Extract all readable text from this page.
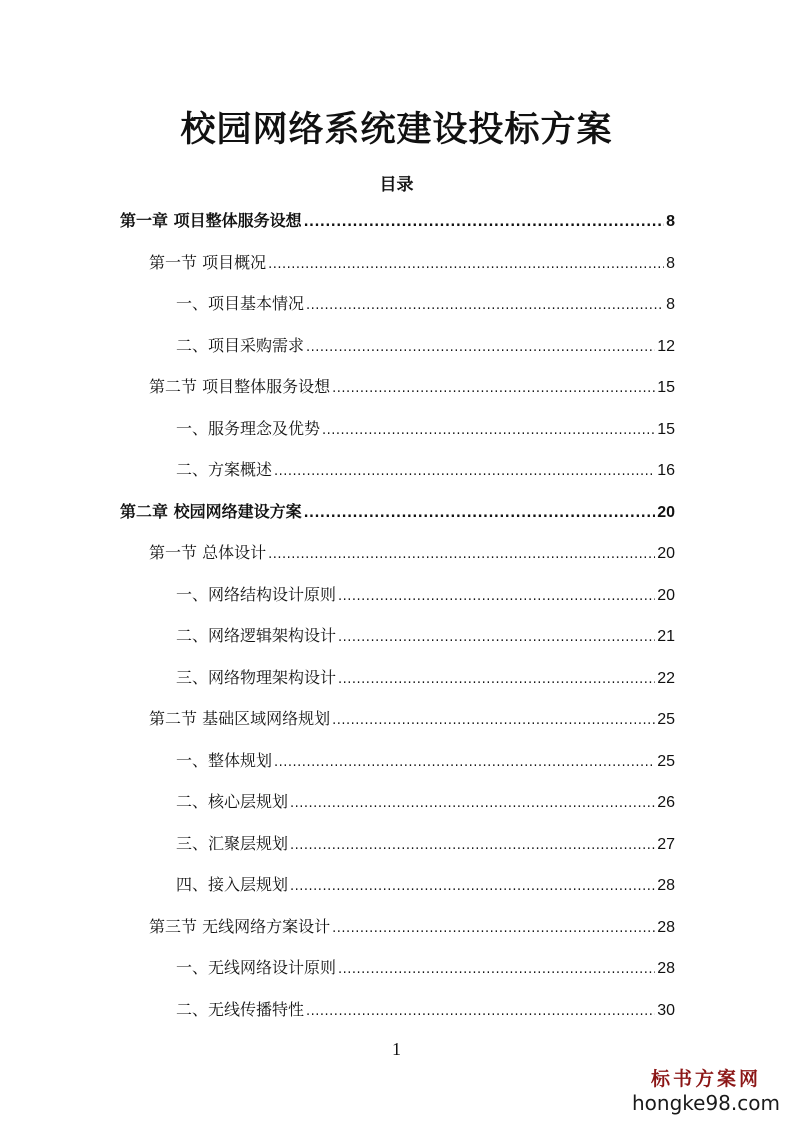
校园网络系统建设投标方案
目录
第一章 项目整体服务设想 .....	8
第一节 项目概况 .....	8
一、项目基本情况 .....	8
二、项目采购需求 .....	12
第二节 项目整体服务设想 .....	15
一、服务理念及优势 .....	15
二、方案概述 .....	16
第二章 校园网络建设方案 .....	20
第一节 总体设计 .....	20
一、网络结构设计原则 .....	20
二、网络逻辑架构设计 .....	21
三、网络物理架构设计 .....	22
第二节 基础区域网络规划 .....	25
一、整体规划 .....	25
二、核心层规划 .....	26
三、汇聚层规划 .....	27
四、接入层规划 .....	28
第三节 无线网络方案设计 .....	28
一、无线网络设计原则 .....	28
二、无线传播特性 .....	30
1
标书方案网
hongke98.com
